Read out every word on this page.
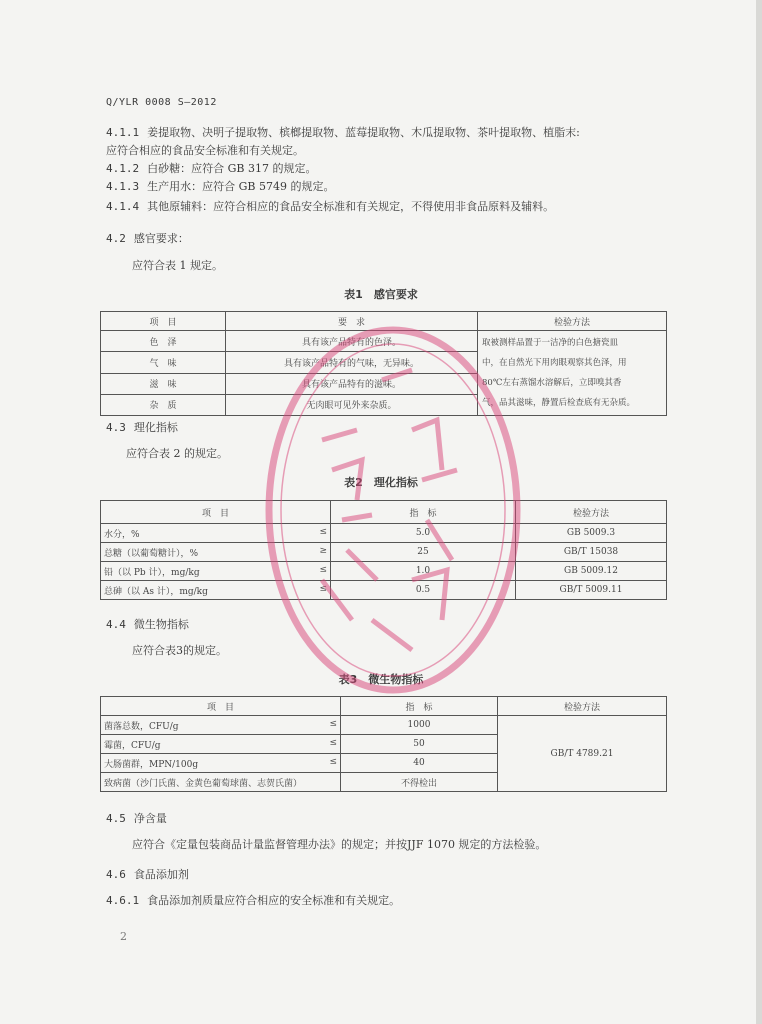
Q/YLR 0008 S—2012
4.1.1 姜提取物、决明子提取物、槟榔提取物、蓝莓提取物、木瓜提取物、茶叶提取物、植脂末:
应符合相应的食品安全标准和有关规定。
4.1.2 白砂糖：应符合 GB 317 的规定。
4.1.3 生产用水：应符合 GB 5749 的规定。
4.1.4 其他原辅料：应符合相应的食品安全标准和有关规定，不得使用非食品原料及辅料。
4.2 感官要求：
应符合表 1 规定。
表1　感官要求
项　目	要　求	检验方法
色　泽	具有该产品特有的色泽。	取被测样品置于一洁净的白色搪瓷皿
中，在自然光下用肉眼观察其色泽，用
80℃左右蒸馏水溶解后，立即嗅其香
气，品其滋味，静置后检查底有无杂质。

气　味	具有该产品特有的气味，无异味。	
滋　味	具有该产品特有的滋味。	
杂　质	无肉眼可见外来杂质。	
4.3 理化指标
应符合表 2 的规定。
表2　理化指标
项　目	指　标	检验方法
水分，% ≤	5.0	GB 5009.3
总糖（以葡萄糖计），% ≥	25	GB/T 15038
铅（以 Pb 计），mg/kg ≤	1.0	GB 5009.12
总砷（以 As 计），mg/kg ≤	0.5	GB/T 5009.11
4.4 微生物指标
应符合表3的规定。
表3　微生物指标
项　目	指　标	检验方法
菌落总数，CFU/g ≤	1000	GB/T 4789.21
霉菌，CFU/g ≤	50	
大肠菌群，MPN/100g ≤	40	
致病菌（沙门氏菌、金黄色葡萄球菌、志贺氏菌）	不得检出	
4.5 净含量
应符合《定量包装商品计量监督管理办法》的规定；并按JJF 1070 规定的方法检验。
4.6 食品添加剂
4.6.1 食品添加剂质量应符合相应的安全标准和有关规定。
2
